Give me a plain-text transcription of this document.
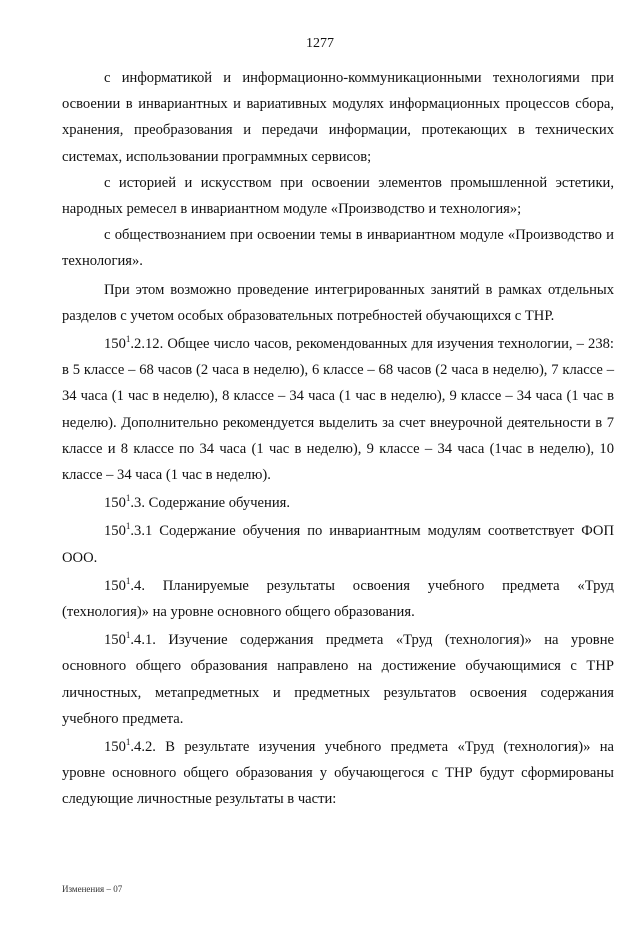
1277

с информатикой и информационно-коммуникационными технологиями при освоении в инвариантных и вариативных модулях информационных процессов сбора, хранения, преобразования и передачи информации, протекающих в технических системах, использовании программных сервисов;

с историей и искусством при освоении элементов промышленной эстетики, народных ремесел в инвариантном модуле «Производство и технология»;

с обществознанием при освоении темы в инвариантном модуле «Производство и технология».

При этом возможно проведение интегрированных занятий в рамках отдельных разделов с учетом особых образовательных потребностей обучающихся с ТНР.

$150^1.2.12$. Общее число часов, рекомендованных для изучения технологии, – 238: в 5 классе – 68 часов (2 часа в неделю), 6 классе – 68 часов (2 часа в неделю), 7 классе – 34 часа (1 час в неделю), 8 классе – 34 часа (1 час в неделю), 9 классе – 34 часа (1 час в неделю). Дополнительно рекомендуется выделить за счет внеурочной деятельности в 7 классе и 8 классе по 34 часа (1 час в неделю), 9 классе – 34 часа (1час в неделю), 10 классе – 34 часа (1 час в неделю).

$150^1.3$. Содержание обучения.

$150^1.3.1$ Содержание обучения по инвариантным модулям соответствует ФОП ООО.

$150^1.4$. Планируемые результаты освоения учебного предмета «Труд (технология)» на уровне основного общего образования.

$150^1.4.1$. Изучение содержания предмета «Труд (технология)» на уровне основного общего образования направлено на достижение обучающимися с ТНР личностных, метапредметных и предметных результатов освоения содержания учебного предмета.

$150^1.4.2$. В результате изучения учебного предмета «Труд (технология)» на уровне основного общего образования у обучающегося с ТНР будут сформированы следующие личностные результаты в части:

Изменения – 07
